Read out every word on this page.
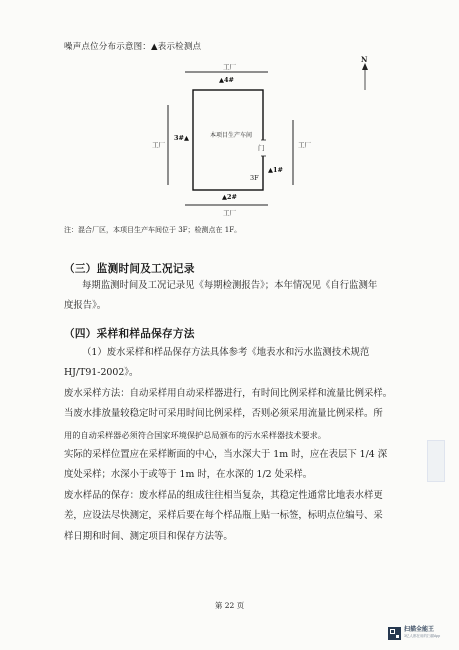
噪声点位分布示意图：▲表示检测点
工厂
工厂	工厂
工厂
本项目生产车间
门
3F
▲4#
3#▲
▲1#
▲2#
N
注：混合厂区，本项目生产车间位于 3F；检测点在 1F。
（三）监测时间及工况记录
每期监测时间及工况记录见《每期检测报告》；本年情况见《自行监测年
度报告》。
（四）采样和样品保存方法
（1）废水采样和样品保存方法具体参考《地表水和污水监测技术规范
HJ/T91-2002》。
废水采样方法：自动采样用自动采样器进行，有时间比例采样和流量比例采样。
当废水排放量较稳定时可采用时间比例采样，否则必须采用流量比例采样。所
用的自动采样器必须符合国家环境保护总局颁布的污水采样器技术要求。
实际的采样位置应在采样断面的中心，当水深大于 1m 时，应在表层下 1/4 深
度处采样；水深小于或等于 1m 时，在水深的 1/2 处采样。
废水样品的保存：废水样品的组成往往相当复杂，其稳定性通常比地表水样更
差，应设法尽快测定，采样后要在每个样品瓶上贴一标签，标明点位编号、采
样日期和时间、测定项目和保存方法等。
第 22 页
扫描全能王
3亿人都在用的扫描App
